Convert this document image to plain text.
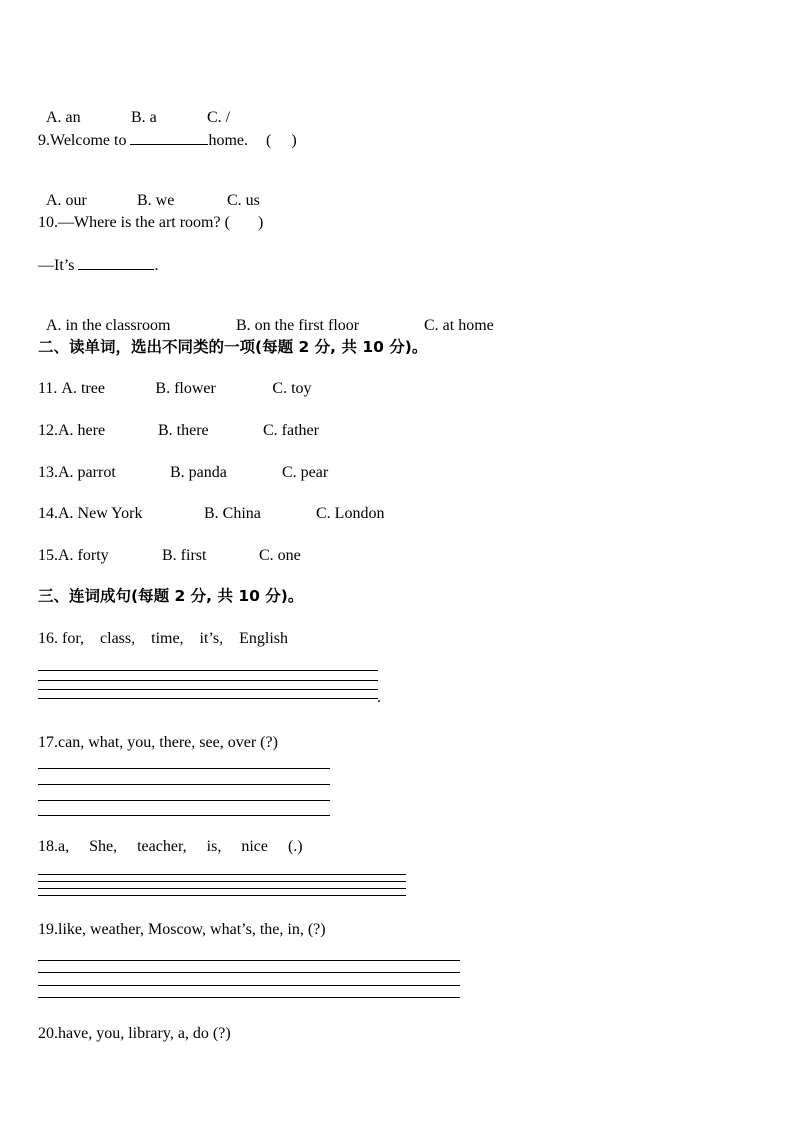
A. an	B. a	C. /

9.Welcome to	home. (     )

A. our	B. we	C. us

10.—Where is the art room? ( )
—It’s	.

A. in the classroom	B. on the first floor	C. at home

二、读单词，选出不同类的一项(每题 2 分, 共 10 分)。
11. A. tree	B. flower	C. toy
12.A. here	B. there	C. father
13.A. parrot	B. panda	C. pear
14.A. New York	B. China	C. London
15.A. forty	B. first	C. one
三、连词成句(每题 2 分, 共 10 分)。
16. for,    class,    time,    it’s,    English
.
17.can, what, you, there, see, over (?)
18.a,     She,     teacher,     is,     nice     (.)
19.like, weather, Moscow, what’s, the, in, (?)
20.have, you, library, a, do (?)
